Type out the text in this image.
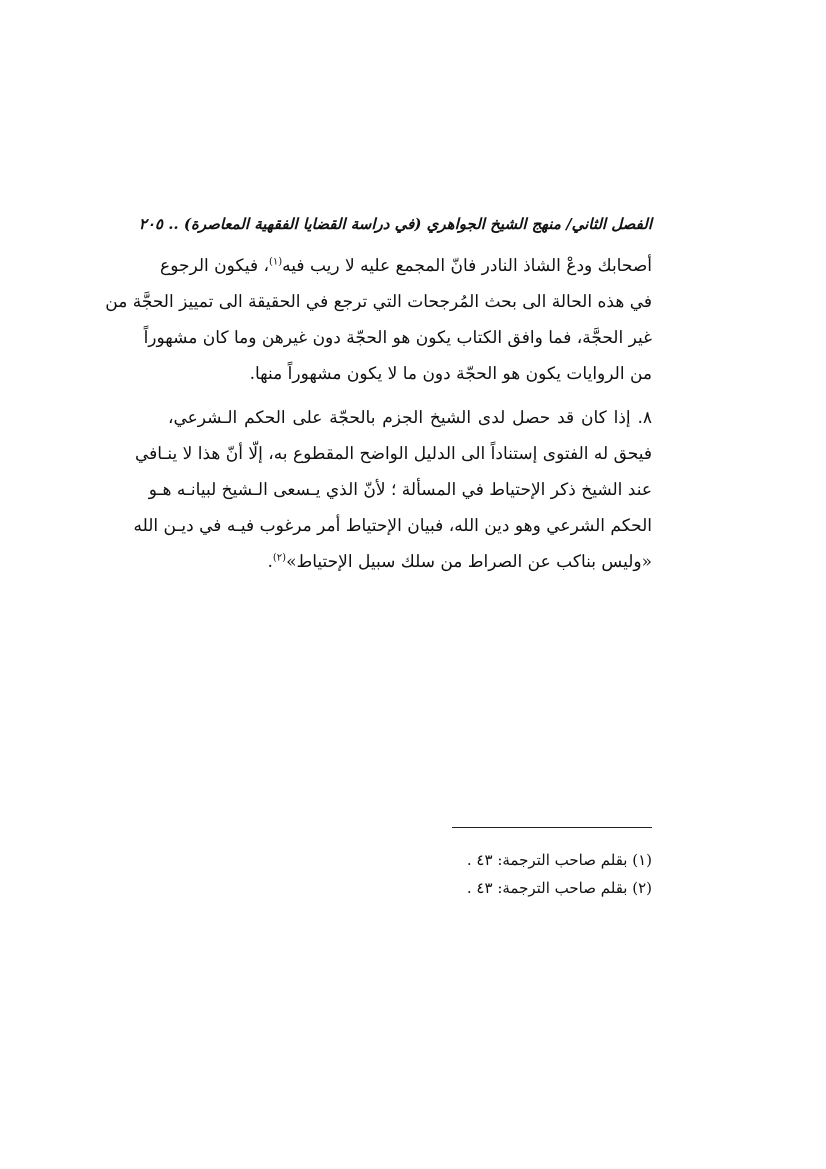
الفصل الثاني/ منهج الشيخ الجواهري (في دراسة القضايا الفقهية المعاصرة) .. ٢٠٥

أصحابك ودعْ الشاذ النادر فانّ المجمع عليه لا ريب فيه$^{(١)}$، فيكون الرجوع
في هذه الحالة الى بحث المُرجحات التي ترجع في الحقيقة الى تمييز الحجَّة من
غير الحجَّة، فما وافق الكتاب يكون هو الحجّة دون غيرهن وما كان مشهوراً
من الروايات يكون هو الحجّة دون ما لا يكون مشهوراً منها.

٨. إذا كان قد حصل لدى الشيخ الجزم بالحجّة على الحكم الـشرعي،
فيحق له الفتوى إستناداً الى الدليل الواضح المقطوع به، إلّا أنّ هذا لا ينـافي
عند الشيخ ذكر الإحتياط في المسألة ؛ لأنّ الذي يـسعى الـشيخ لبيانـه هـو
الحكم الشرعي وهو دين الله، فبيان الإحتياط أمر مرغوب فيـه في ديـن الله
«وليس بناكب عن الصراط من سلك سبيل الإحتياط»$^{(٢)}$.

(١) بقلم صاحب الترجمة: ٤٣ .
(٢) بقلم صاحب الترجمة: ٤٣ .
